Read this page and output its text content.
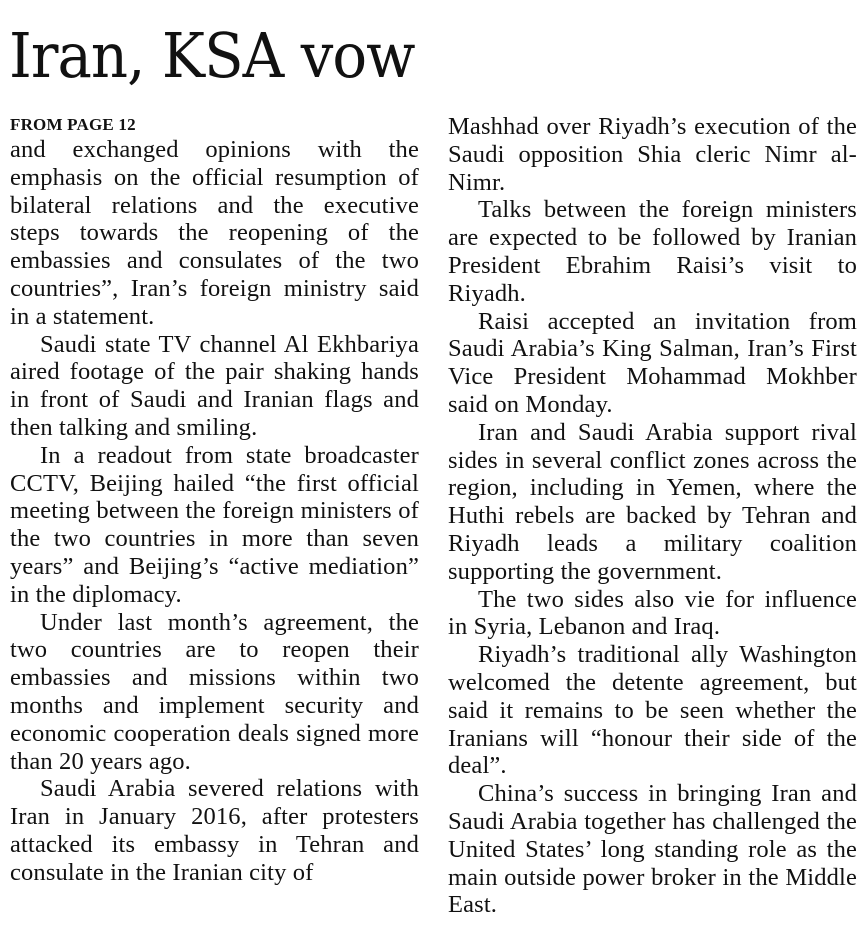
Iran, KSA vow
FROM PAGE 12

and exchanged opinions with the emphasis on the official resumption of bilateral relations and the executive steps towards the reopening of the embassies and consulates of the two countries”, Iran’s foreign ministry said in a statement.

Saudi state TV channel Al Ekhbariya aired footage of the pair shaking hands in front of Saudi and Iranian flags and then talking and smiling.

In a readout from state broadcaster CCTV, Beijing hailed “the first official meeting between the foreign ministers of the two countries in more than seven years” and Beijing’s “active mediation” in the diplomacy.

Under last month’s agreement, the two countries are to reopen their embassies and missions within two months and implement security and economic cooperation deals signed more than 20 years ago.

Saudi Arabia severed relations with Iran in January 2016, after protesters attacked its embassy in Tehran and consulate in the Iranian city of

Mashhad over Riyadh’s execution of the Saudi opposition Shia cleric Nimr al-Nimr.

Talks between the foreign ministers are expected to be followed by Iranian President Ebrahim Raisi’s visit to Riyadh.

Raisi accepted an invitation from Saudi Arabia’s King Salman, Iran’s First Vice President Mohammad Mokhber said on Monday.

Iran and Saudi Arabia support rival sides in several conflict zones across the region, including in Yemen, where the Huthi rebels are backed by Tehran and Riyadh leads a military coalition supporting the government.

The two sides also vie for influence in Syria, Lebanon and Iraq.

Riyadh’s traditional ally Washington welcomed the detente agreement, but said it remains to be seen whether the Iranians will “honour their side of the deal”.

China’s success in bringing Iran and Saudi Arabia together has challenged the United States’ long standing role as the main outside power broker in the Middle East.
